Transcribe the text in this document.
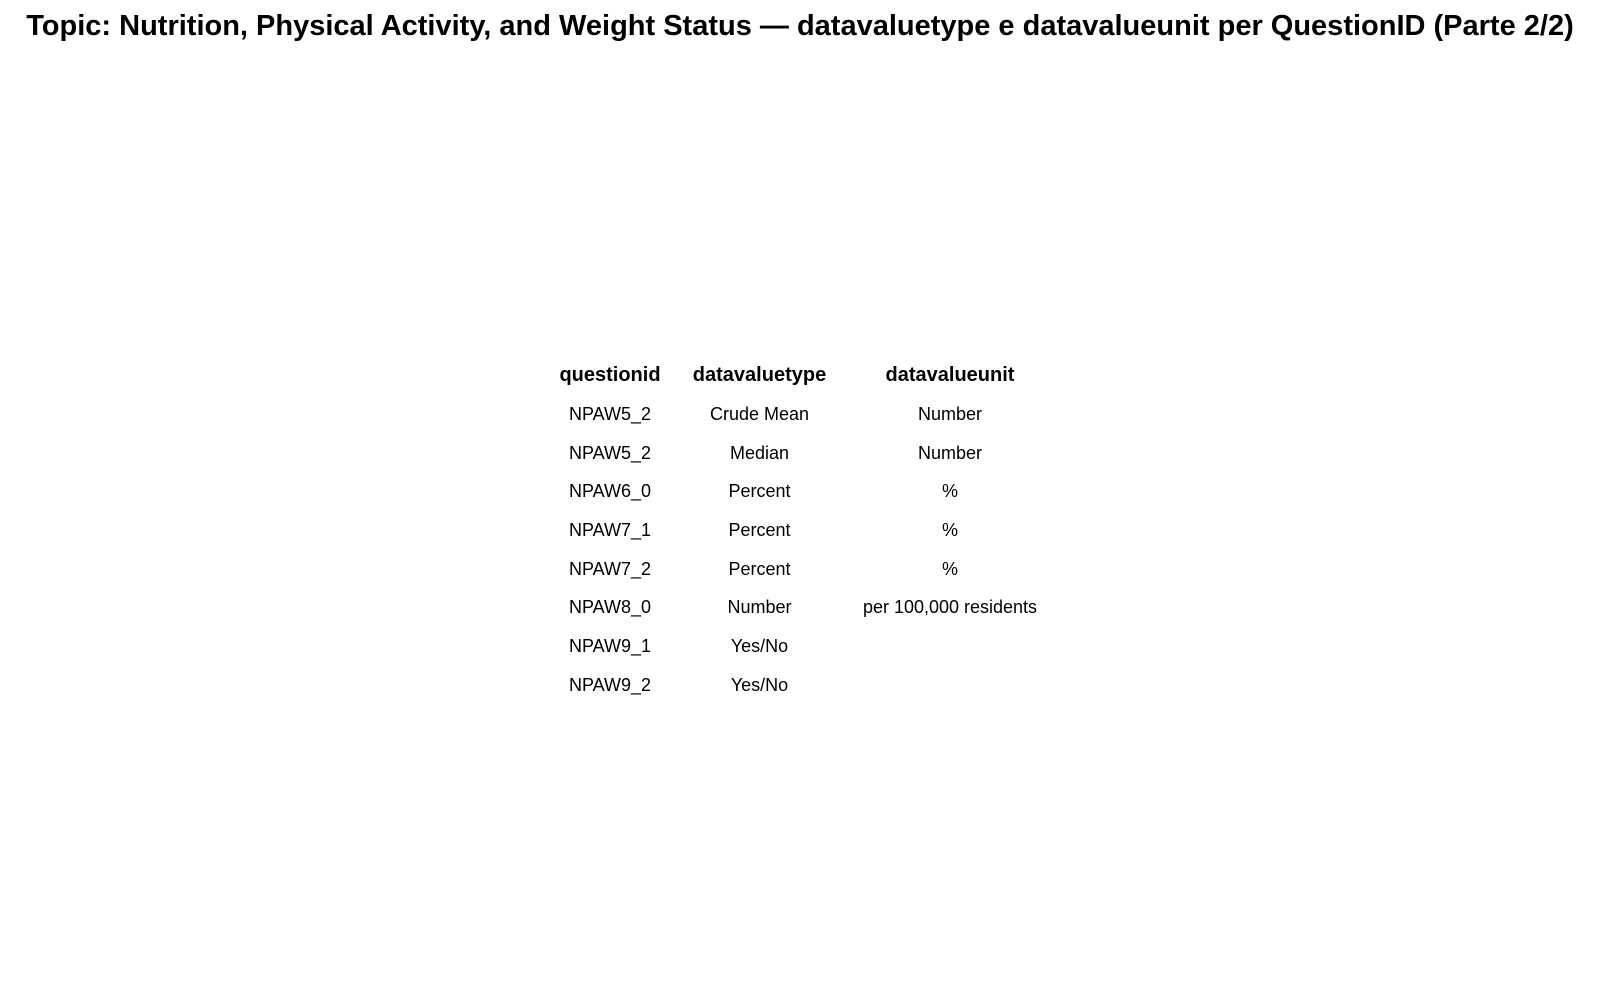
Topic: Nutrition, Physical Activity, and Weight Status — datavaluetype e datavalueunit per QuestionID (Parte 2/2)
questionid	datavaluetype	datavalueunit
NPAW5_2	Crude Mean	Number
NPAW5_2	Median	Number
NPAW6_0	Percent	%
NPAW7_1	Percent	%
NPAW7_2	Percent	%
NPAW8_0	Number	per 100,000 residents
NPAW9_1	Yes/No	
NPAW9_2	Yes/No	
